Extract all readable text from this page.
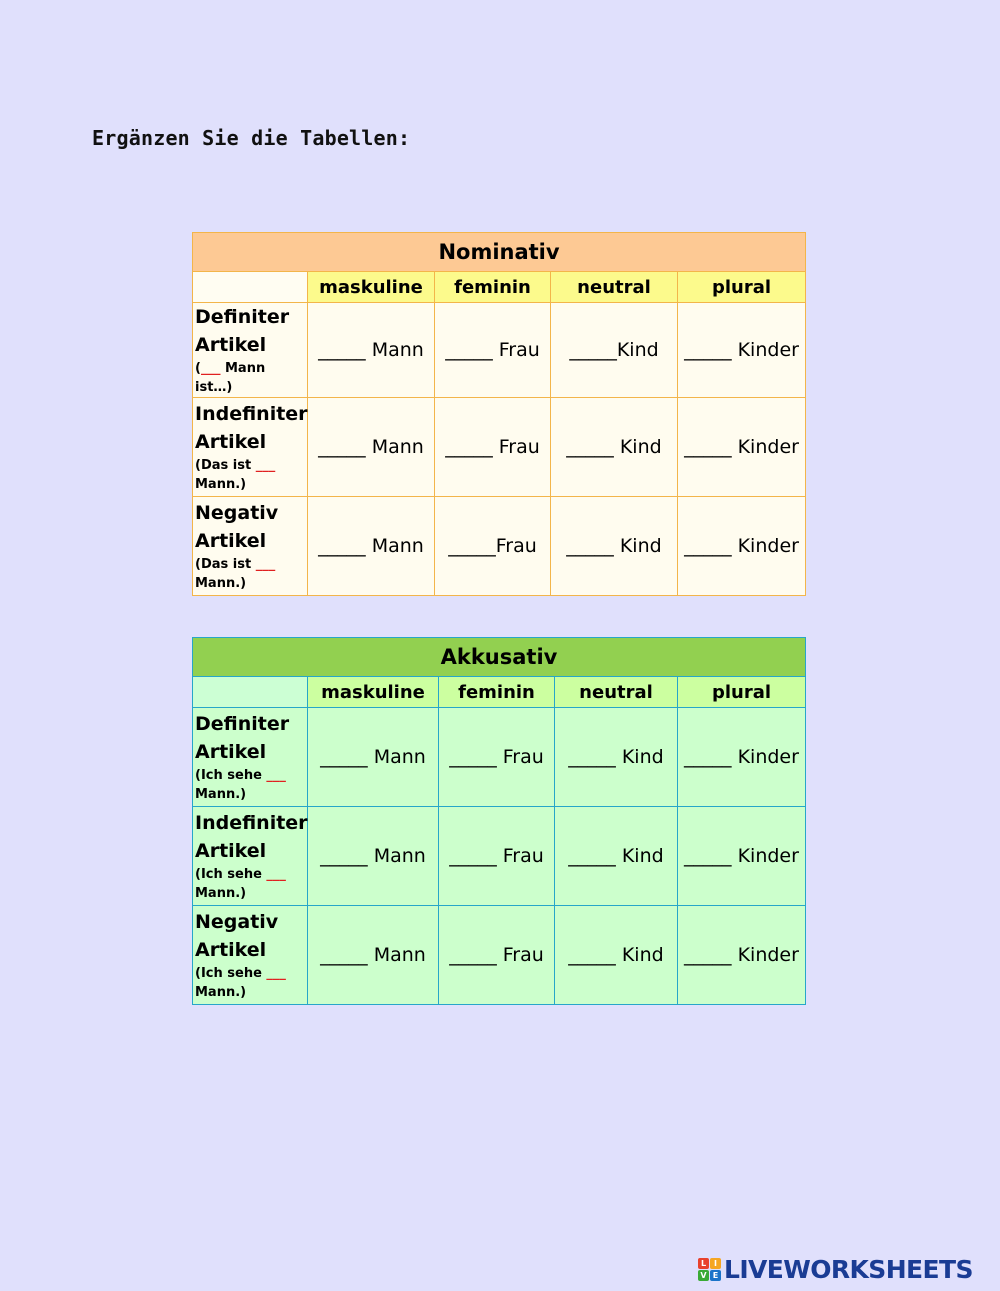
Ergänzen Sie die Tabellen:
Nominativ				
	maskuline	feminin	neutral	plural

Definiter
Artikel
(___ Mann ist…)	_____ Mann	_____ Frau	_____Kind	_____ Kinder

Indefiniter
Artikel
(Das ist ___ Mann.)	_____ Mann	_____ Frau	_____ Kind	_____ Kinder

Negativ
Artikel
(Das ist ___ Mann.)	_____ Mann	_____Frau	_____ Kind	_____ Kinder
Akkusativ				
	maskuline	feminin	neutral	plural

Definiter
Artikel
(Ich sehe ___ Mann.)	_____ Mann	_____ Frau	_____ Kind	_____ Kinder

Indefiniter
Artikel
(Ich sehe ___ Mann.)	_____ Mann	_____ Frau	_____ Kind	_____ Kinder

Negativ
Artikel
(Ich sehe ___ Mann.)	_____ Mann	_____ Frau	_____ Kind	_____ Kinder
L I
V E LIVEWORKSHEETS
